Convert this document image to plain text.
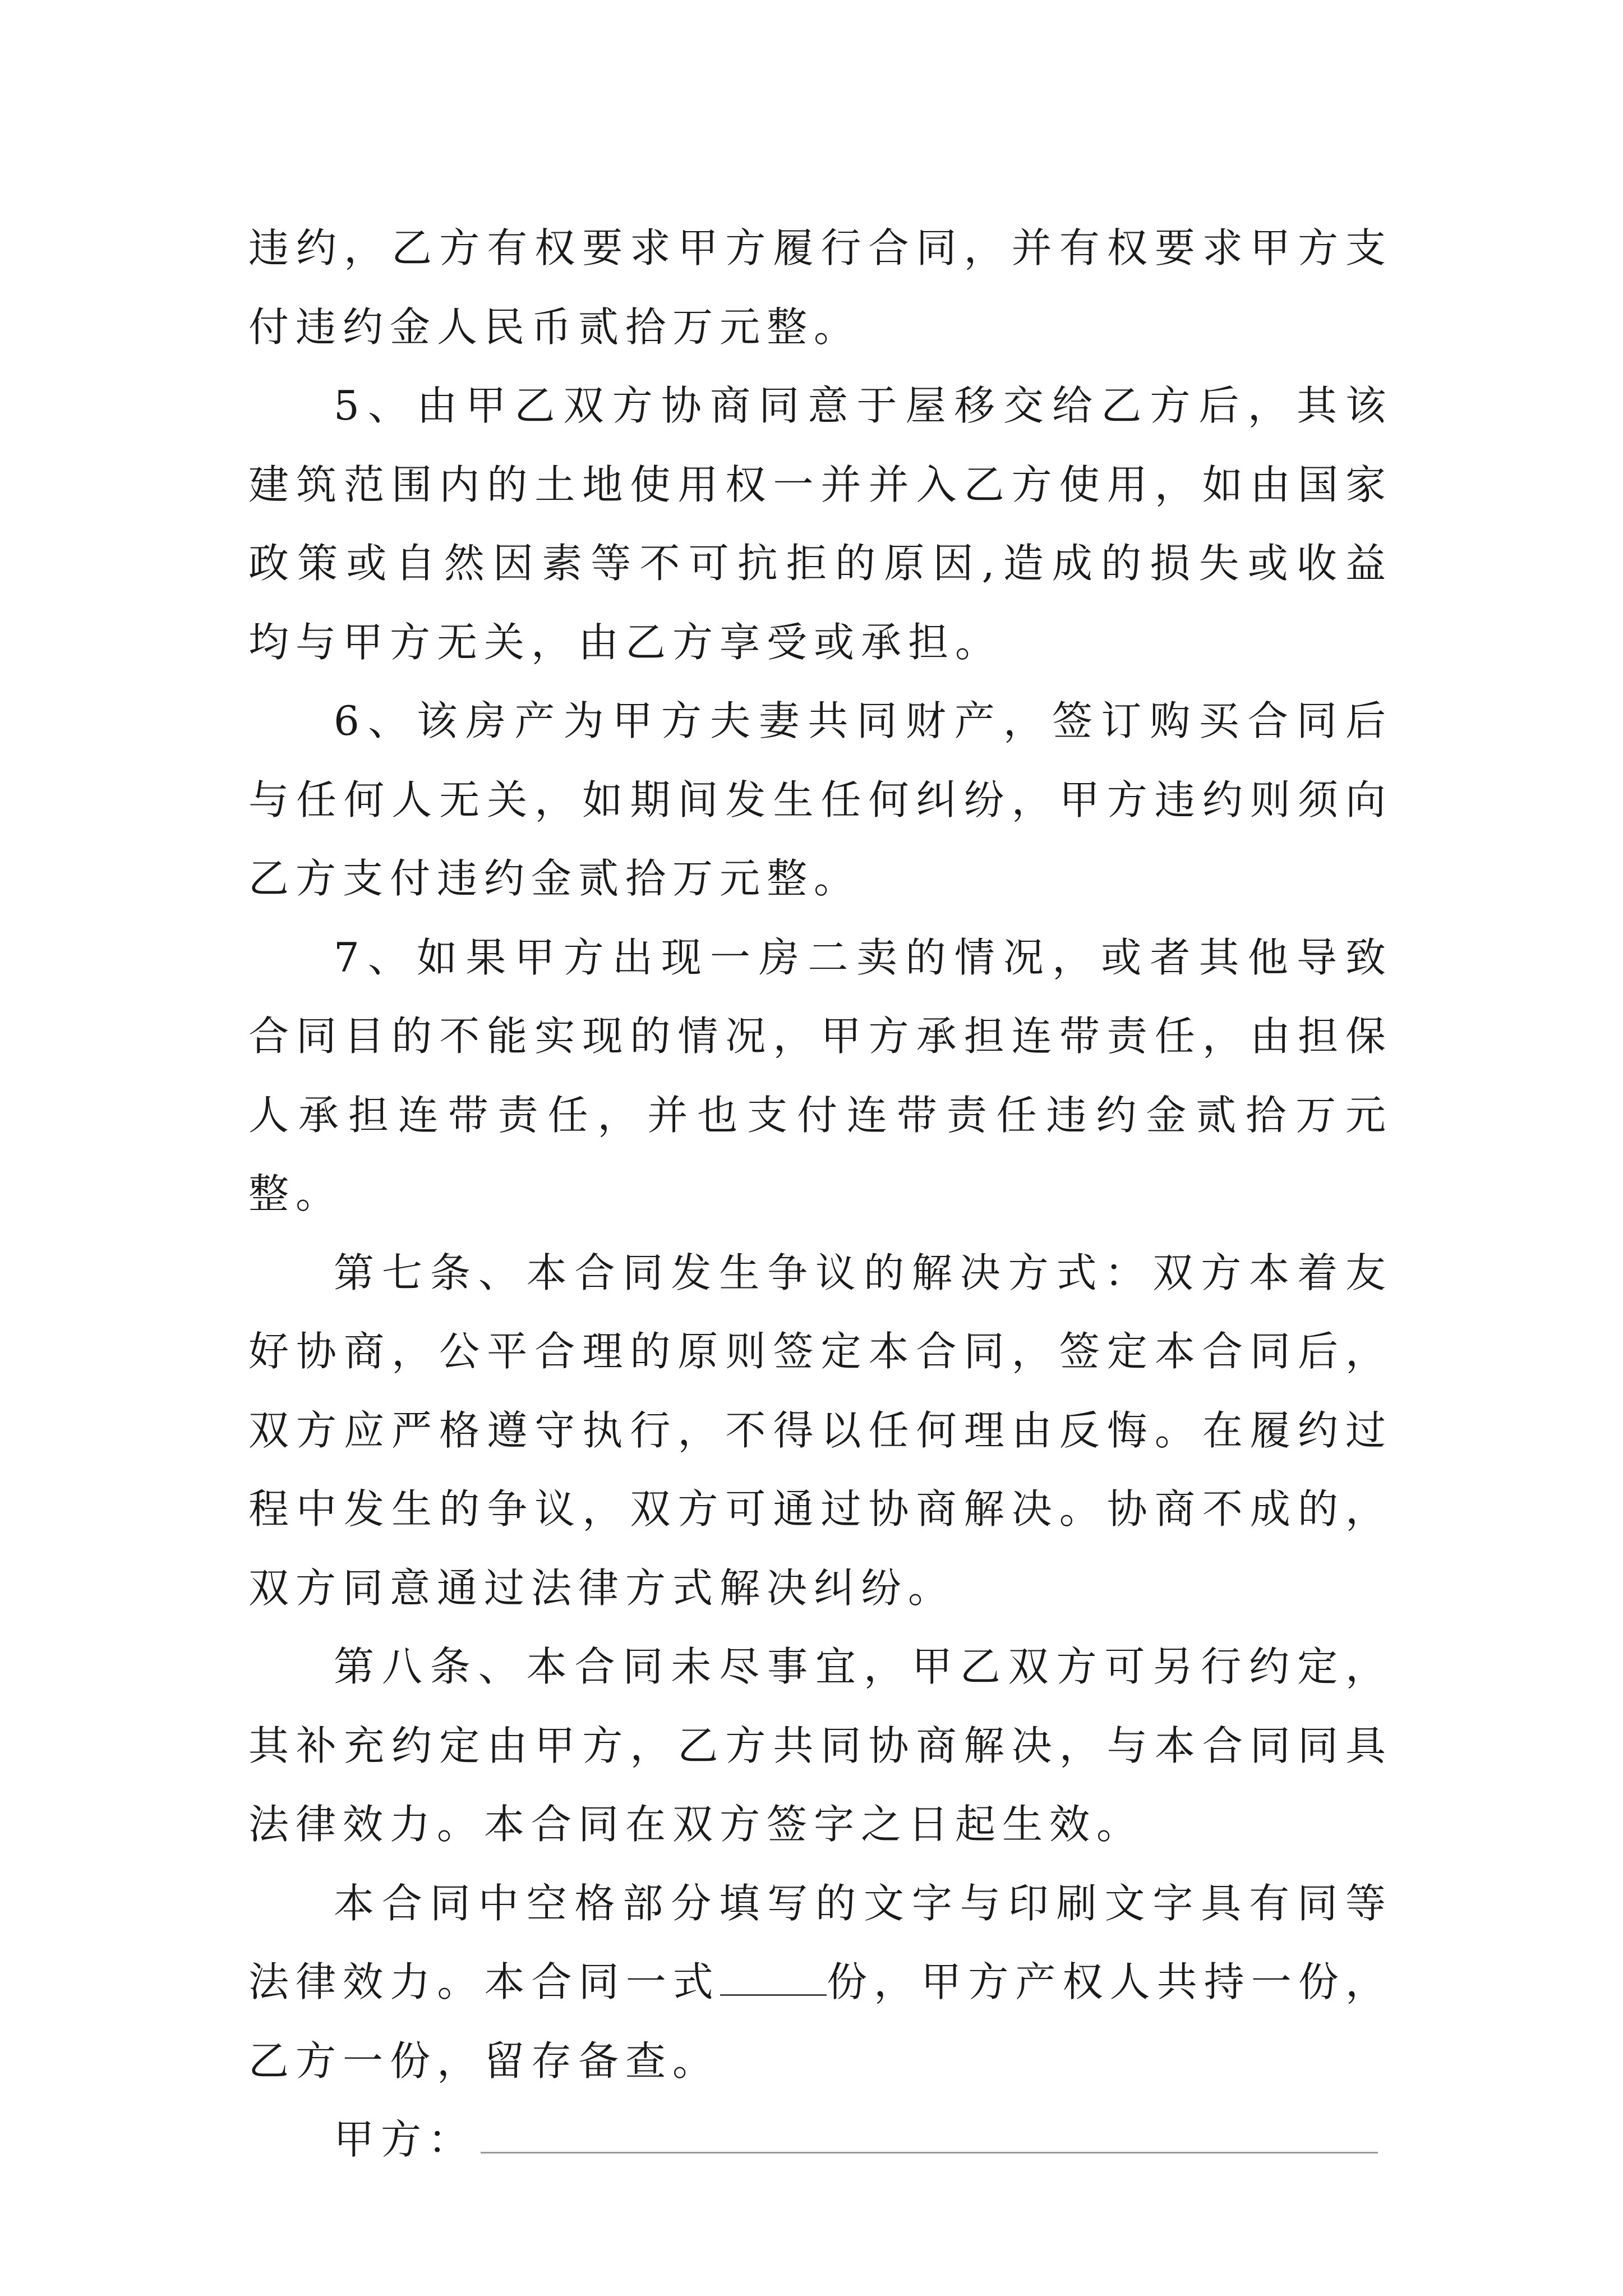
违约，乙方有权要求甲方履行合同，并有权要求甲方支付违约金人民币贰拾万元整。

5、由甲乙双方协商同意于屋移交给乙方后，其该建筑范围内的土地使用权一并并入乙方使用，如由国家政策或自然因素等不可抗拒的原因,造成的损失或收益均与甲方无关，由乙方享受或承担。

6、该房产为甲方夫妻共同财产，签订购买合同后与任何人无关，如期间发生任何纠纷，甲方违约则须向乙方支付违约金贰拾万元整。

7、如果甲方出现一房二卖的情况，或者其他导致合同目的不能实现的情况，甲方承担连带责任，由担保人承担连带责任，并也支付连带责任违约金贰拾万元整。

第七条、本合同发生争议的解决方式：双方本着友好协商，公平合理的原则签定本合同，签定本合同后，双方应严格遵守执行，不得以任何理由反悔。在履约过程中发生的争议，双方可通过协商解决。协商不成的，双方同意通过法律方式解决纠纷。

第八条、本合同未尽事宜，甲乙双方可另行约定，其补充约定由甲方，乙方共同协商解决，与本合同同具法律效力。本合同在双方签字之日起生效。

本合同中空格部分填写的文字与印刷文字具有同等法律效力。本合同一式	份，甲方产权人共持一份，乙方一份，留存备查。

甲方：
